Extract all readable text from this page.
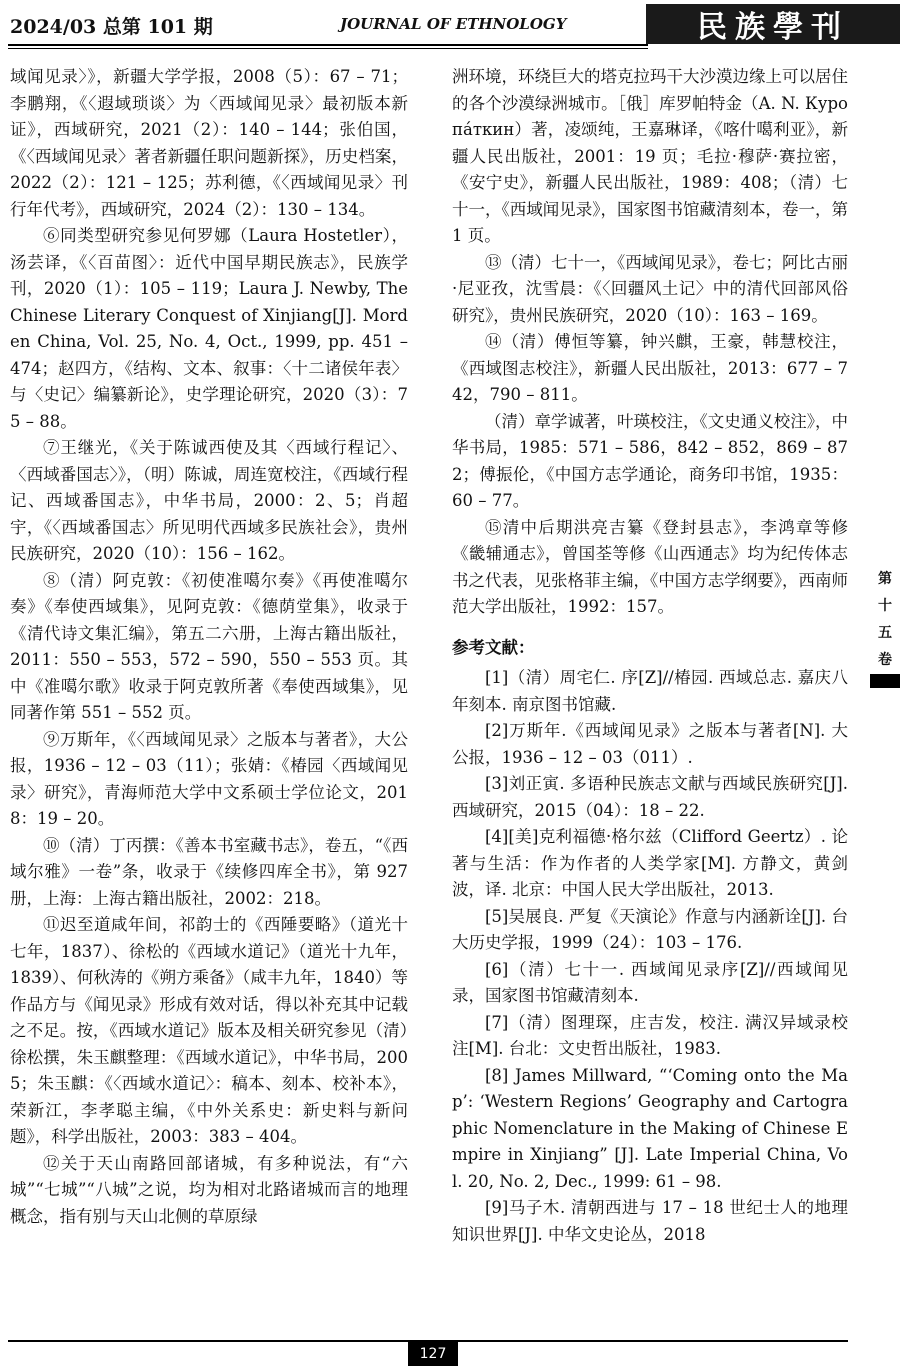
2024/03 总第 101 期	JOURNAL OF ETHNOLOGY	民族學刊

域闻见录〉》，新疆大学学报，2008（5）：67 – 71；李鹏翔，《〈遐域琐谈〉为〈西域闻见录〉最初版本新证》，西域研究，2021（2）：140 – 144；张伯国，《〈西域闻见录〉著者新疆任职问题新探》，历史档案，2022（2）：121 – 125；苏利德，《〈西域闻见录〉刊行年代考》，西域研究，2024（2）：130 – 134。

⑥同类型研究参见何罗娜（Laura Hostetler），汤芸译，《〈百苗图〉：近代中国早期民族志》，民族学刊，2020（1）：105 – 119；Laura J. Newby, The Chinese Literary Conquest of Xinjiang[J]. Morden China, Vol. 25, No. 4, Oct., 1999, pp. 451 – 474；赵四方，《结构、文本、叙事：〈十二诸侯年表〉与〈史记〉编纂新论》，史学理论研究，2020（3）：75 – 88。

⑦王继光，《关于陈诚西使及其〈西域行程记〉、〈西域番国志〉》，（明）陈诚，周连宽校注，《西域行程记、西域番国志》，中华书局，2000：2、5；肖超宇，《〈西域番国志〉所见明代西域多民族社会》，贵州民族研究，2020（10）：156 – 162。

⑧（清）阿克敦：《初使准噶尔奏》《再使准噶尔奏》《奉使西域集》，见阿克敦：《德荫堂集》，收录于《清代诗文集汇编》，第五二六册，上海古籍出版社，2011：550 – 553，572 – 590，550 – 553 页。其中《准噶尔歌》收录于阿克敦所著《奉使西域集》，见同著作第 551 – 552 页。

⑨万斯年，《〈西域闻见录〉之版本与著者》，大公报，1936 – 12 – 03（11）；张婧：《椿园〈西域闻见录〉研究》，青海师范大学中文系硕士学位论文，2018：19 – 20。

⑩（清）丁丙撰：《善本书室藏书志》，卷五，“《西域尔雅》一卷”条，收录于《续修四库全书》，第 927 册，上海：上海古籍出版社，2002：218。

⑪迟至道咸年间，祁韵士的《西陲要略》（道光十七年，1837）、徐松的《西域水道记》（道光十九年，1839）、何秋涛的《朔方乘备》（咸丰九年，1840）等作品方与《闻见录》形成有效对话，得以补充其中记载之不足。按，《西域水道记》版本及相关研究参见（清）徐松撰，朱玉麒整理：《西域水道记》，中华书局，2005；朱玉麒：《〈西域水道记〉：稿本、刻本、校补本》，荣新江，李孝聪主编，《中外关系史：新史料与新问题》，科学出版社，2003：383 – 404。

⑫关于天山南路回部诸城，有多种说法，有“六城”“七城”“八城”之说，均为相对北路诸城而言的地理概念，指有别与天山北侧的草原绿

洲环境，环绕巨大的塔克拉玛干大沙漠边缘上可以居住的各个沙漠绿洲城市。［俄］库罗帕特金（A. N. Куропáткин）著，凌颂纯，王嘉琳译，《喀什噶利亚》，新疆人民出版社，2001：19 页；毛拉·穆萨·赛拉密，《安宁史》，新疆人民出版社，1989：408；（清）七十一，《西域闻见录》，国家图书馆藏清刻本，卷一，第 1 页。

⑬（清）七十一，《西域闻见录》，卷七；阿比古丽·尼亚孜，沈雪晨：《〈回疆风土记〉中的清代回部风俗研究》，贵州民族研究，2020（10）：163 – 169。

⑭（清）傅恒等纂，钟兴麒，王豪，韩慧校注，《西域图志校注》，新疆人民出版社，2013：677 – 742，790 – 811。

（清）章学诚著，叶瑛校注，《文史通义校注》，中华书局，1985：571 – 586，842 – 852，869 – 872；傅振伦，《中国方志学通论，商务印书馆，1935：60 – 77。

⑮清中后期洪亮吉纂《登封县志》，李鸿章等修《畿辅通志》，曾国荃等修《山西通志》均为纪传体志书之代表，见张格菲主编，《中国方志学纲要》，西南师范大学出版社，1992：157。

参考文献：

[1]（清）周宅仁. 序[Z]//椿园. 西域总志. 嘉庆八年刻本. 南京图书馆藏.

[2]万斯年.《西域闻见录》之版本与著者[N]. 大公报，1936 – 12 – 03（011）.

[3]刘正寅. 多语种民族志文献与西域民族研究[J]. 西域研究，2015（04）：18 – 22.

[4][美]克利福德·格尔兹（Clifford Geertz）. 论著与生活：作为作者的人类学家[M]. 方静文，黄剑波，译. 北京：中国人民大学出版社，2013.

[5]吴展良. 严复《天演论》作意与内涵新诠[J]. 台大历史学报，1999（24）：103 – 176.

[6]（清）七十一. 西域闻见录序[Z]//西域闻见录，国家图书馆藏清刻本.

[7]（清）图理琛，庄吉发，校注. 满汉异域录校注[M]. 台北：文史哲出版社，1983.

[8] James Millward, “‘Coming onto the Map’: ‘Western Regions’ Geography and Cartographic Nomenclature in the Making of Chinese Empire in Xinjiang” [J]. Late Imperial China, Vol. 20, No. 2, Dec., 1999: 61 – 98.

[9]马子木. 清朝西进与 17 – 18 世纪士人的地理知识世界[J]. 中华文史论丛，2018

第
十
五
卷
127
